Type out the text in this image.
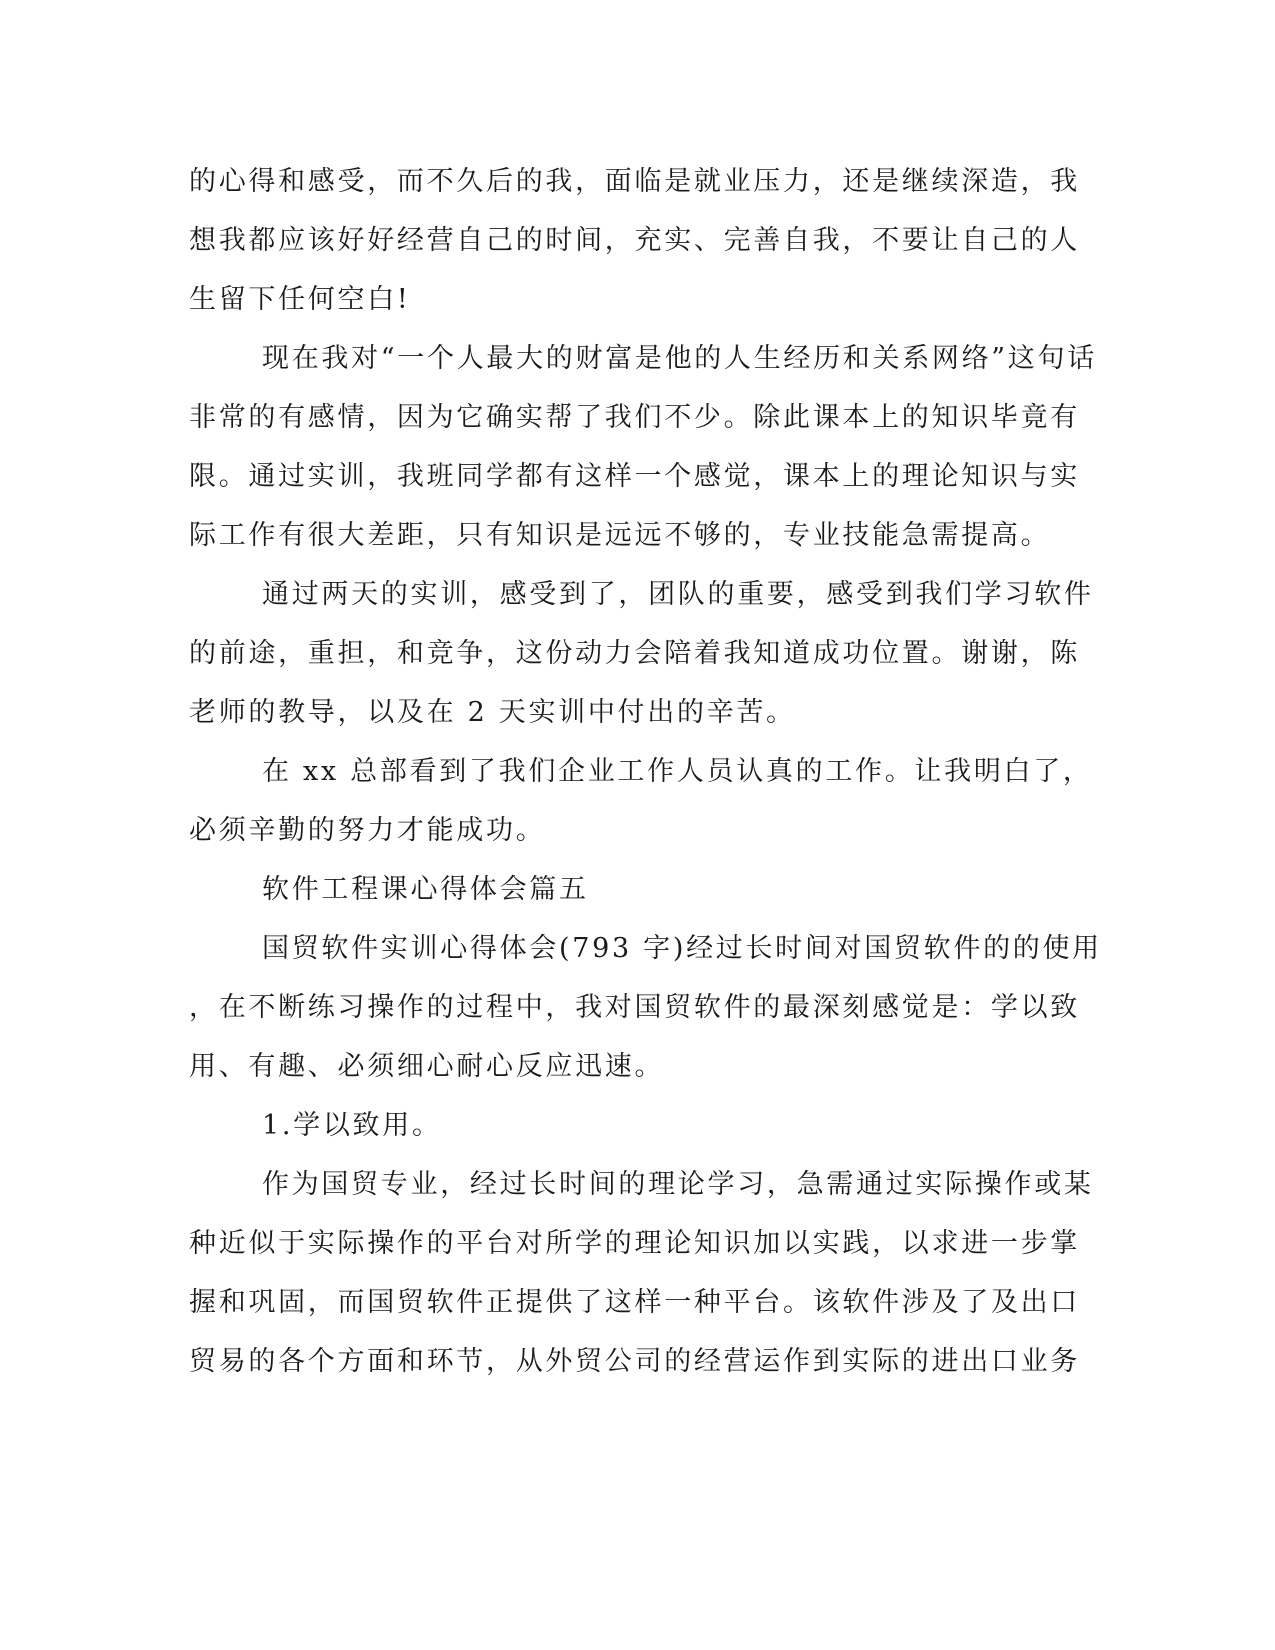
的心得和感受，而不久后的我，面临是就业压力，还是继续深造，我
想我都应该好好经营自己的时间，充实、完善自我，不要让自己的人
生留下任何空白!
现在我对“一个人最大的财富是他的人生经历和关系网络”这句话
非常的有感情，因为它确实帮了我们不少。除此课本上的知识毕竟有
限。通过实训，我班同学都有这样一个感觉，课本上的理论知识与实
际工作有很大差距，只有知识是远远不够的，专业技能急需提高。
通过两天的实训，感受到了，团队的重要，感受到我们学习软件
的前途，重担，和竞争，这份动力会陪着我知道成功位置。谢谢，陈
老师的教导，以及在 2 天实训中付出的辛苦。
在 xx 总部看到了我们企业工作人员认真的工作。让我明白了，
必须辛勤的努力才能成功。
软件工程课心得体会篇五
国贸软件实训心得体会(793 字)经过长时间对国贸软件的的使用
，在不断练习操作的过程中，我对国贸软件的最深刻感觉是：学以致
用、有趣、必须细心耐心反应迅速。
1.学以致用。
作为国贸专业，经过长时间的理论学习，急需通过实际操作或某
种近似于实际操作的平台对所学的理论知识加以实践，以求进一步掌
握和巩固，而国贸软件正提供了这样一种平台。该软件涉及了及出口
贸易的各个方面和环节，从外贸公司的经营运作到实际的进出口业务
